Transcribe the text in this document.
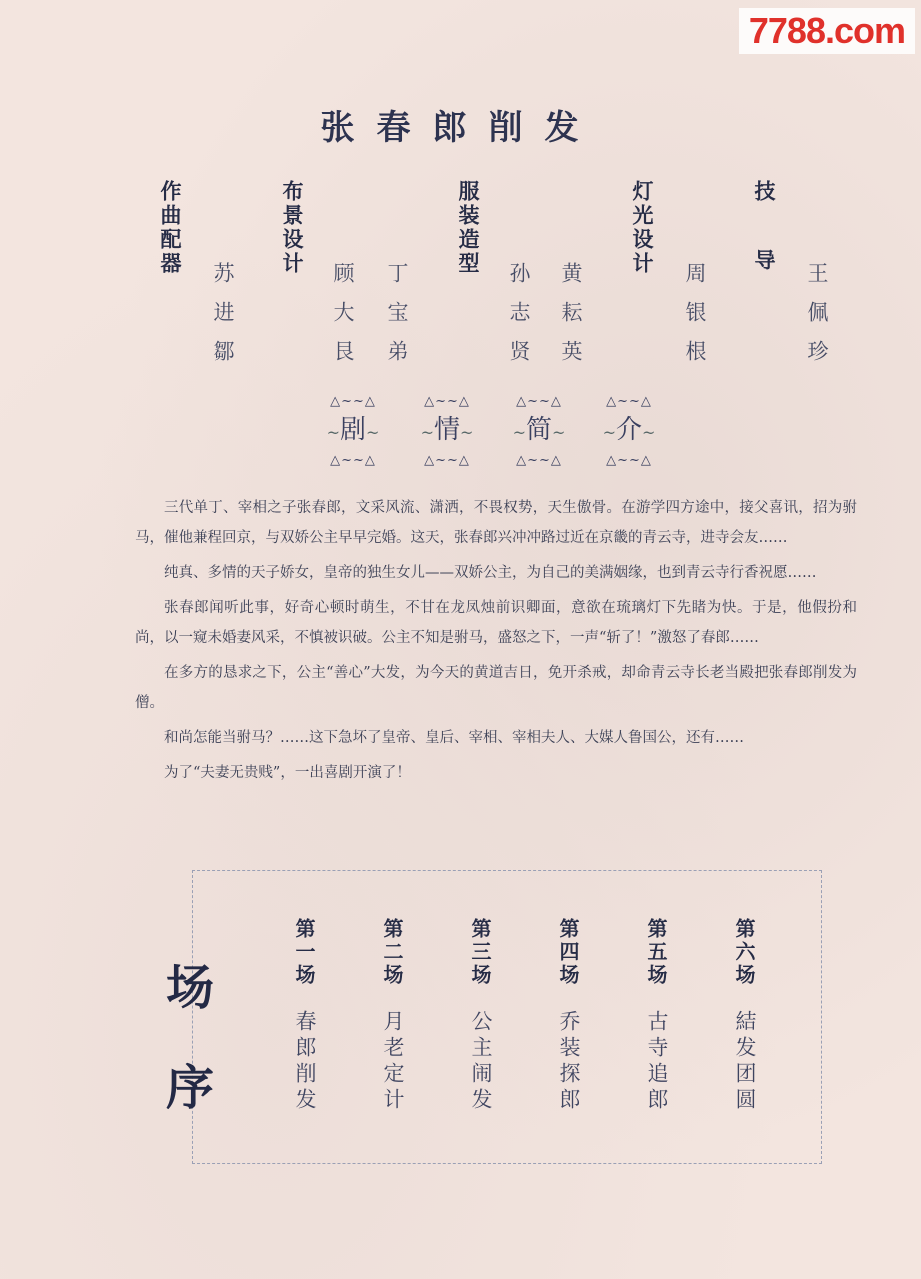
7788.com
张春郎削发
作曲配器
苏进鄒
布景设计
顾大艮 丁宝弟
服装造型
孙志贤 黄耘英
灯光设计
周银根
技导
王佩珍
△~~△
~剧~
△~~△
△~~△
~情~
△~~△
△~~△
~简~
△~~△
△~~△
~介~
△~~△

三代单丁、宰相之子张春郎，文采风流、潇洒，不畏权势，天生傲骨。在游学四方途中，接父喜讯，招为驸马，催他兼程回京，与双娇公主早早完婚。这天，张春郎兴冲冲路过近在京畿的青云寺，进寺会友……

纯真、多情的天子娇女，皇帝的独生女儿——双娇公主，为自己的美满姻缘，也到青云寺行香祝愿……

张春郎闻听此事，好奇心顿时萌生，不甘在龙凤烛前识卿面，意欲在琉璃灯下先睹为快。于是，他假扮和尚，以一窥未婚妻风采，不慎被识破。公主不知是驸马，盛怒之下，一声“斩了！”激怒了春郎……

在多方的恳求之下，公主“善心”大发，为今天的黄道吉日，免开杀戒，却命青云寺长老当殿把张春郎削发为僧。

和尚怎能当驸马？……这下急坏了皇帝、皇后、宰相、宰相夫人、大媒人鲁国公，还有……

为了“夫妻无贵贱”，一出喜剧开演了！

场
序
第一场
春郎削发
第二场
月老定计
第三场
公主闹发
第四场
乔装探郎
第五场
古寺追郎
第六场
結发团圆
